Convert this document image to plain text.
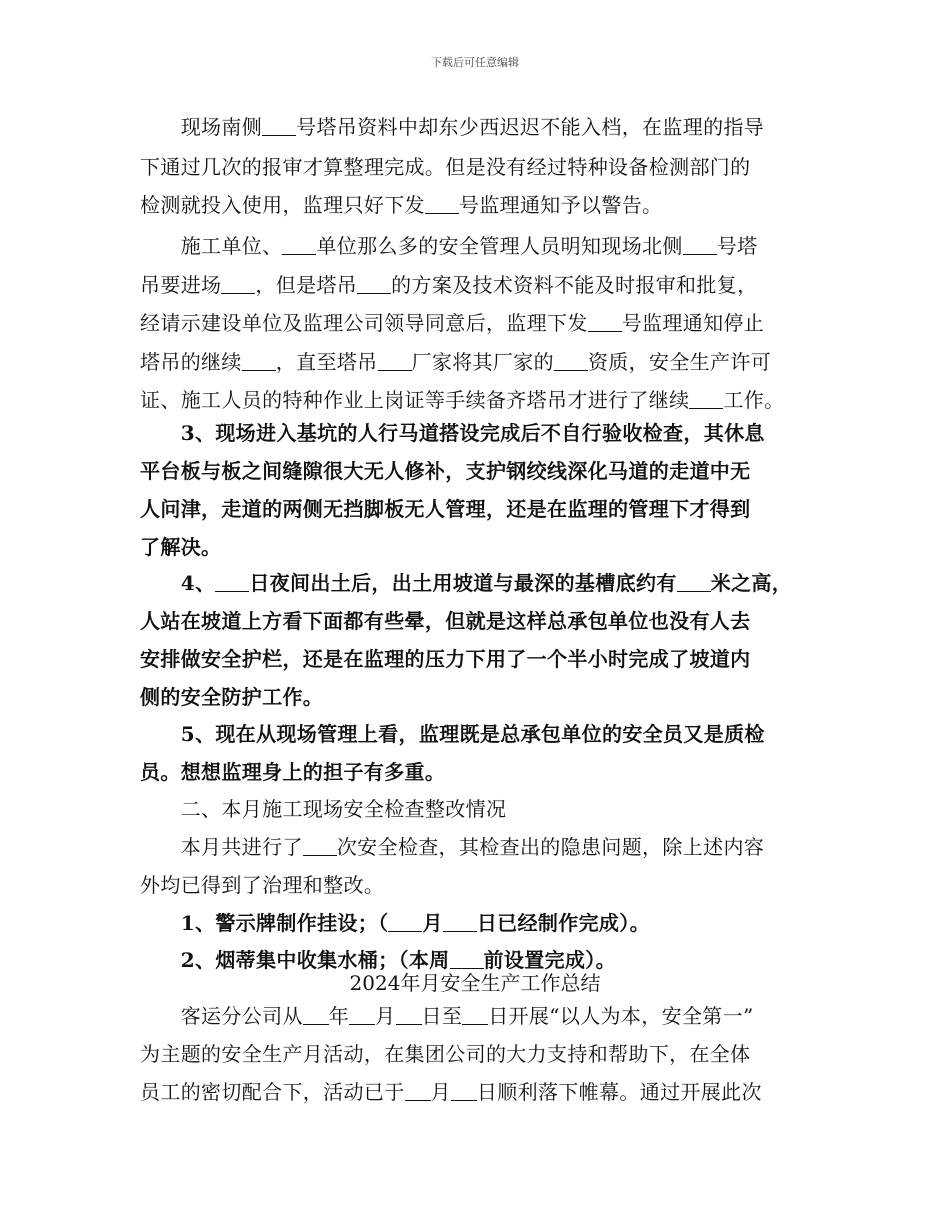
下载后可任意编辑
　　现场南侧 号塔吊资料中却东少西迟迟不能入档，在监理的指导
下通过几次的报审才算整理完成。但是没有经过特种设备检测部门的
检测就投入使用，监理只好下发 号监理通知予以警告。
　　施工单位、 单位那么多的安全管理人员明知现场北侧 号塔
吊要进场 ，但是塔吊 的方案及技术资料不能及时报审和批复，
经请示建设单位及监理公司领导同意后，监理下发 号监理通知停止
塔吊的继续 ，直至塔吊 厂家将其厂家的 资质，安全生产许可
证、施工人员的特种作业上岗证等手续备齐塔吊才进行了继续 工作。
　　3、现场进入基坑的人行马道搭设完成后不自行验收检查，其休息
平台板与板之间缝隙很大无人修补，支护钢绞线深化马道的走道中无
人问津，走道的两侧无挡脚板无人管理，还是在监理的管理下才得到
了解决。
　　4、 日夜间出土后，出土用坡道与最深的基槽底约有 米之高，
人站在坡道上方看下面都有些晕，但就是这样总承包单位也没有人去
安排做安全护栏，还是在监理的压力下用了一个半小时完成了坡道内
侧的安全防护工作。
　　5、现在从现场管理上看，监理既是总承包单位的安全员又是质检
员。想想监理身上的担子有多重。
　　二、本月施工现场安全检查整改情况
　　本月共进行了 次安全检查，其检查出的隐患问题，除上述内容
外均已得到了治理和整改。
　　1、警示牌制作挂设；（ 月 日已经制作完成）。
　　2、烟蒂集中收集水桶；（本周 前设置完成）。
　　客运分公司从 年 月 日至 日开展“以人为本，安全第一”
为主题的安全生产月活动，在集团公司的大力支持和帮助下，在全体
员工的密切配合下，活动已于 月 日顺利落下帷幕。通过开展此次
2024年月安全生产工作总结
